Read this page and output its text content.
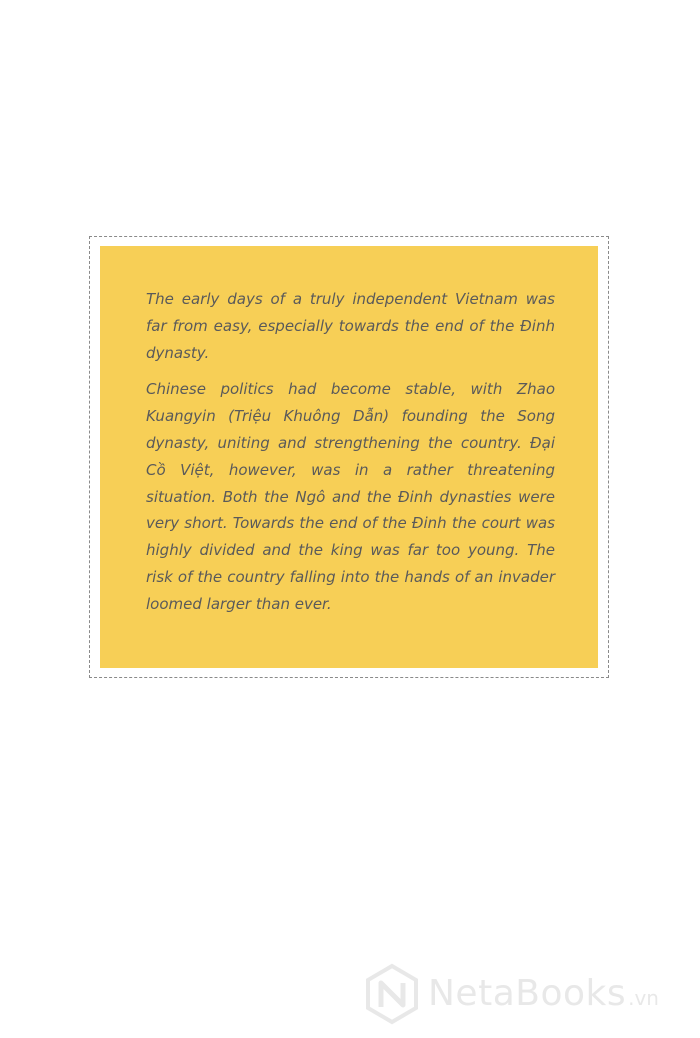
The early days of a truly independent Vietnam was far from easy, especially towards the end of the Đinh dynasty.

Chinese politics had become stable, with Zhao Kuangyin (Triệu Khuông Dẫn) founding the Song dynasty, uniting and strengthening the country. Đại Cồ Việt, however, was in a rather threatening situation. Both the Ngô and the Đinh dynasties were very short. Towards the end of the Đinh the court was highly divided and the king was far too young. The risk of the country falling into the hands of an invader loomed larger than ever.

NetaBooks .vn
